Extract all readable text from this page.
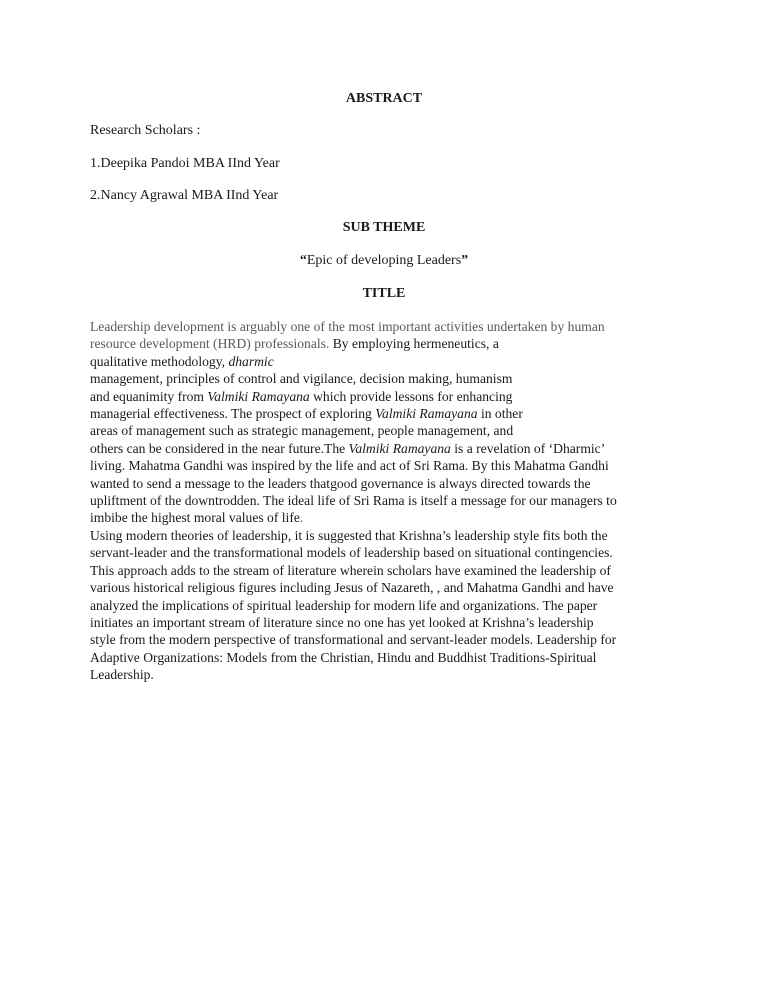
ABSTRACT

Research Scholars :

1.Deepika Pandoi MBA IInd Year

2.Nancy Agrawal MBA IInd Year

SUB THEME

“Epic of developing Leaders”

TITLE

Leadership development is arguably one of the most important activities undertaken by human
resource development (HRD) professionals. By employing hermeneutics, a
qualitative methodology, dharmic
management, principles of control and vigilance, decision making, humanism
and equanimity from Valmiki Ramayana which provide lessons for enhancing
managerial effectiveness. The prospect of exploring Valmiki Ramayana in other
areas of management such as strategic management, people management, and
others can be considered in the near future.The Valmiki Ramayana is a revelation of ‘Dharmic’
living. Mahatma Gandhi was inspired by the life and act of Sri Rama. By this Mahatma Gandhi
wanted to send a message to the leaders thatgood governance is always directed towards the
upliftment of the downtrodden. The ideal life of Sri Rama is itself a message for our managers to
imbibe the highest moral values of life.
Using modern theories of leadership, it is suggested that Krishna’s leadership style fits both the
servant-leader and the transformational models of leadership based on situational contingencies.
This approach adds to the stream of literature wherein scholars have examined the leadership of
various historical religious figures including Jesus of Nazareth, , and Mahatma Gandhi and have
analyzed the implications of spiritual leadership for modern life and organizations. The paper
initiates an important stream of literature since no one has yet looked at Krishna’s leadership
style from the modern perspective of transformational and servant-leader models. Leadership for
Adaptive Organizations: Models from the Christian, Hindu and Buddhist Traditions-Spiritual
Leadership.
